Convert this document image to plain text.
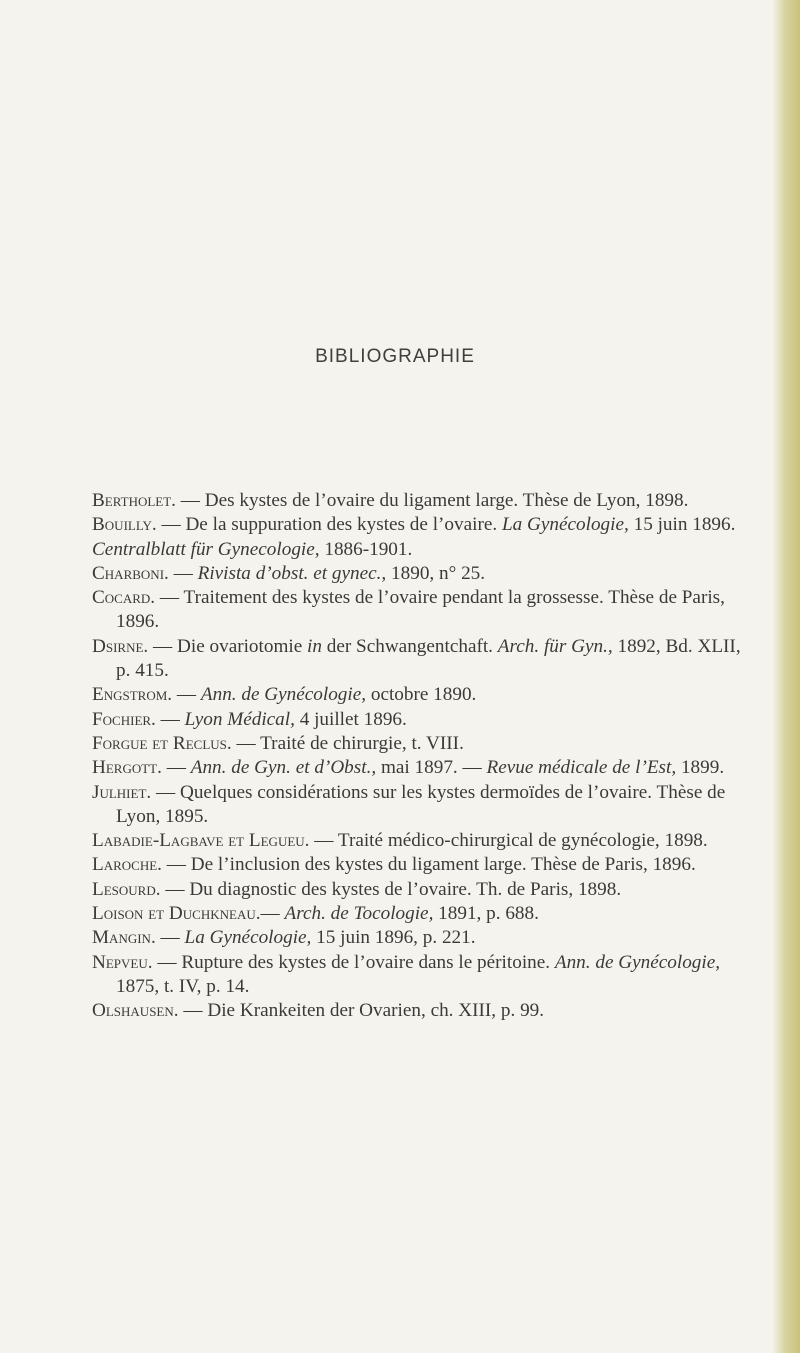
BIBLIOGRAPHIE

Bertholet. — Des kystes de l’ovaire du ligament large. Thèse de Lyon, 1898.

Bouilly. — De la suppuration des kystes de l’ovaire. La Gynécologie, 15 juin 1896.

Centralblatt für Gynecologie, 1886-1901.

Charboni. — Rivista d’obst. et gynec., 1890, n° 25.

Cocard. — Traitement des kystes de l’ovaire pendant la grossesse. Thèse de Paris, 1896.

Dsirne. — Die ovariotomie in der Schwangentchaft. Arch. für Gyn., 1892, Bd. XLII, p. 415.

Engstrom. — Ann. de Gynécologie, octobre 1890.

Fochier. — Lyon Médical, 4 juillet 1896.

Forgue et Reclus. — Traité de chirurgie, t. VIII.

Hergott. — Ann. de Gyn. et d’Obst., mai 1897. — Revue médicale de l’Est, 1899.

Julhiet. — Quelques considérations sur les kystes dermoïdes de l’ovaire. Thèse de Lyon, 1895.

Labadie-Lagbave et Legueu. — Traité médico-chirurgical de gynécologie, 1898.

Laroche. — De l’inclusion des kystes du ligament large. Thèse de Paris, 1896.

Lesourd. — Du diagnostic des kystes de l’ovaire. Th. de Paris, 1898.

Loison et Duchkneau.— Arch. de Tocologie, 1891, p. 688.

Mangin. — La Gynécologie, 15 juin 1896, p. 221.

Nepveu. — Rupture des kystes de l’ovaire dans le péritoine. Ann. de Gynécologie, 1875, t. IV, p. 14.

Olshausen. — Die Krankeiten der Ovarien, ch. XIII, p. 99.
